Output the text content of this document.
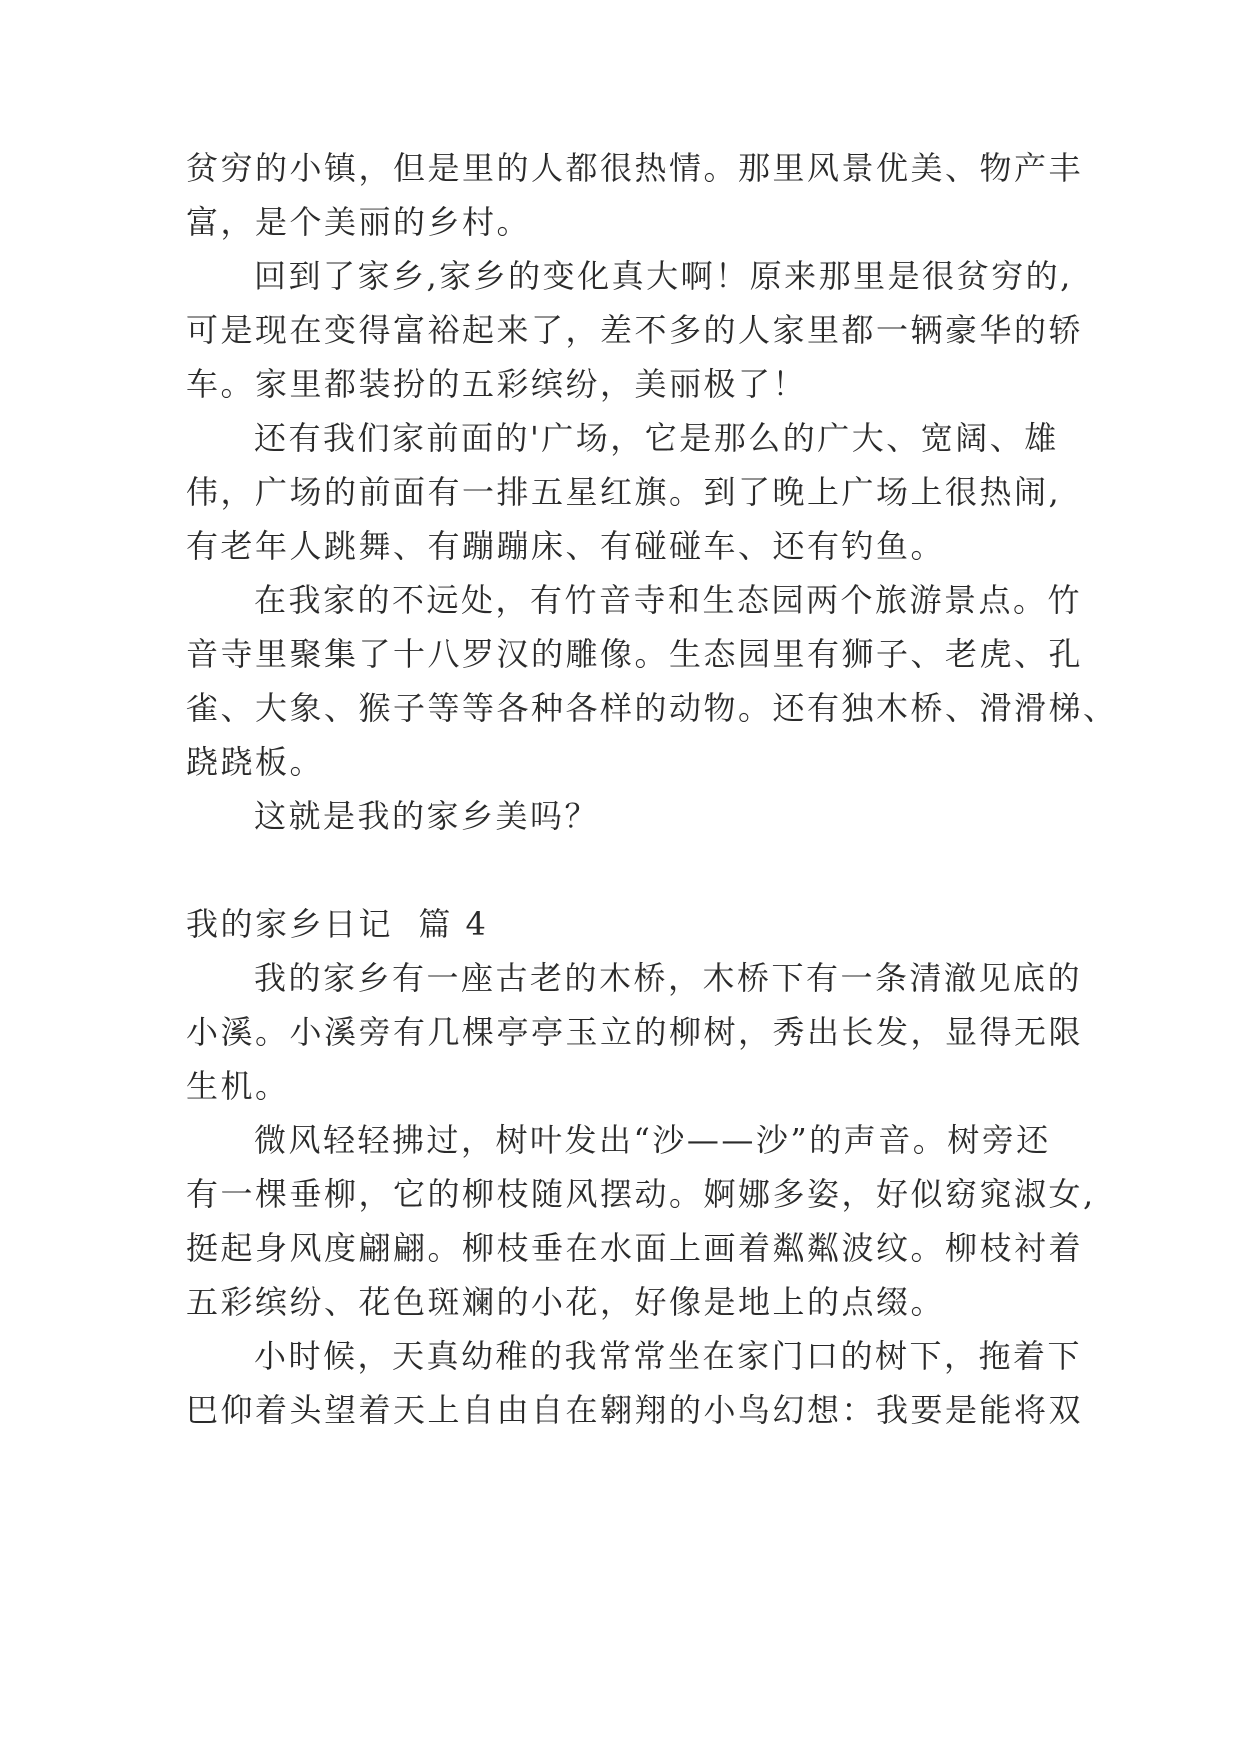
贫穷的小镇，但是里的人都很热情。那里风景优美、物产丰
富，是个美丽的乡村。
回到了家乡,家乡的变化真大啊！原来那里是很贫穷的,
可是现在变得富裕起来了，差不多的人家里都一辆豪华的轿
车。家里都装扮的五彩缤纷，美丽极了！
还有我们家前面的'广场，它是那么的广大、宽阔、雄
伟，广场的前面有一排五星红旗。到了晚上广场上很热闹,
有老年人跳舞、有蹦蹦床、有碰碰车、还有钓鱼。
在我家的不远处，有竹音寺和生态园两个旅游景点。竹
音寺里聚集了十八罗汉的雕像。生态园里有狮子、老虎、孔
雀、大象、猴子等等各种各样的动物。还有独木桥、滑滑梯、
跷跷板。
这就是我的家乡美吗？
我的家乡日记  篇 4
我的家乡有一座古老的木桥，木桥下有一条清澈见底的
小溪。小溪旁有几棵亭亭玉立的柳树，秀出长发，显得无限
生机。
微风轻轻拂过，树叶发出“沙——沙”的声音。树旁还
有一棵垂柳，它的柳枝随风摆动。婀娜多姿，好似窈窕淑女,
挺起身风度翩翩。柳枝垂在水面上画着粼粼波纹。柳枝衬着
五彩缤纷、花色斑斓的小花，好像是地上的点缀。
小时候，天真幼稚的我常常坐在家门口的树下，拖着下
巴仰着头望着天上自由自在翱翔的小鸟幻想：我要是能将双
